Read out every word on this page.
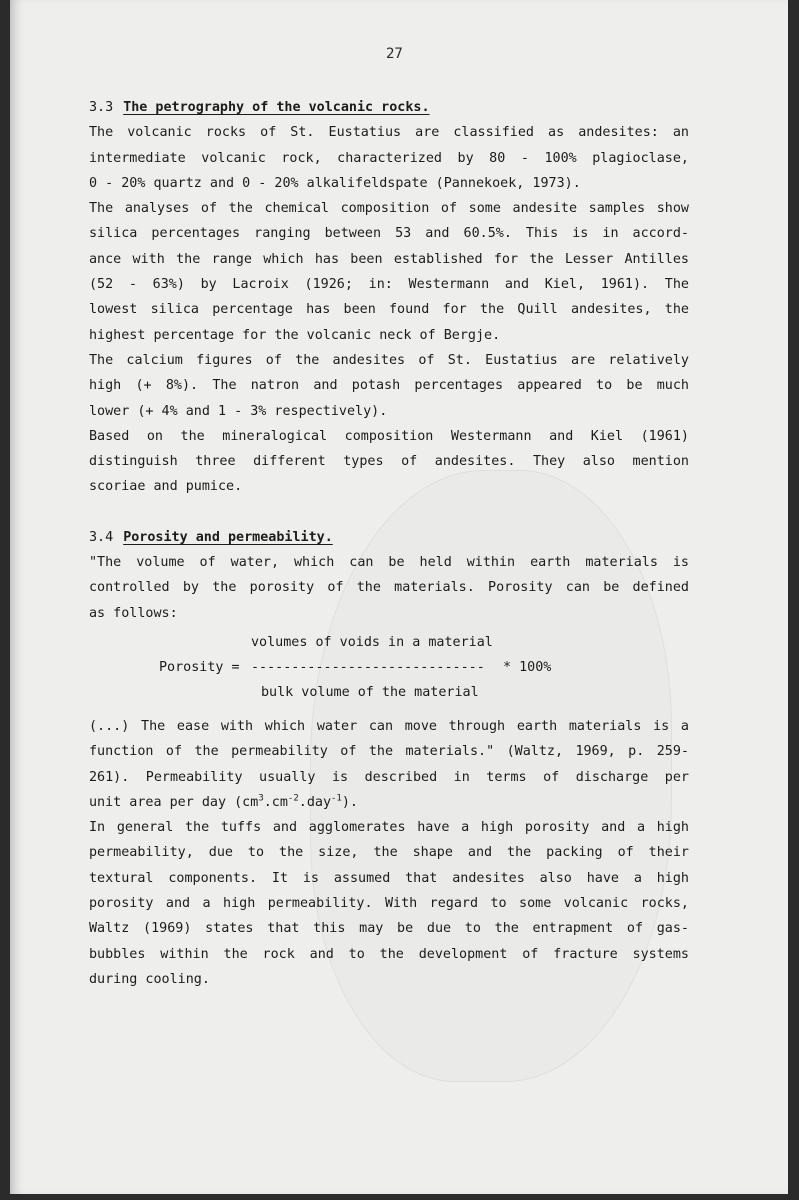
27
3.3 The petrography of the volcanic rocks.
The volcanic rocks of St. Eustatius are classified as andesites: an
intermediate volcanic rock, characterized by 80 - 100% plagioclase,
0 - 20% quartz and 0 - 20% alkalifeldspate (Pannekoek, 1973).
The analyses of the chemical composition of some andesite samples show
silica percentages ranging between 53 and 60.5%. This is in accord-
ance with the range which has been established for the Lesser Antilles
(52 - 63%) by Lacroix (1926; in: Westermann and Kiel, 1961). The
lowest silica percentage has been found for the Quill andesites, the
highest percentage for the volcanic neck of Bergje.
The calcium figures of the andesites of St. Eustatius are relatively
high (+ 8%). The natron and potash percentages appeared to be much
lower (+ 4% and 1 - 3% respectively).
Based on the mineralogical composition Westermann and Kiel (1961)
distinguish three different types of andesites. They also mention
scoriae and pumice.
3.4 Porosity and permeability.
"The volume of water, which can be held within earth materials is
controlled by the porosity of the materials. Porosity can be defined
as follows:
volumes of voids in a material
Porosity = ----------------------------- * 100%
bulk volume of the material
(...) The ease with which water can move through earth materials is a
function of the permeability of the materials." (Waltz, 1969, p. 259-
261). Permeability usually is described in terms of discharge per
unit area per day $(cm^3.cm^{-2}.day^{-1})$.
In general the tuffs and agglomerates have a high porosity and a high
permeability, due to the size, the shape and the packing of their
textural components. It is assumed that andesites also have a high
porosity and a high permeability. With regard to some volcanic rocks,
Waltz (1969) states that this may be due to the entrapment of gas-
bubbles within the rock and to the development of fracture systems
during cooling.
